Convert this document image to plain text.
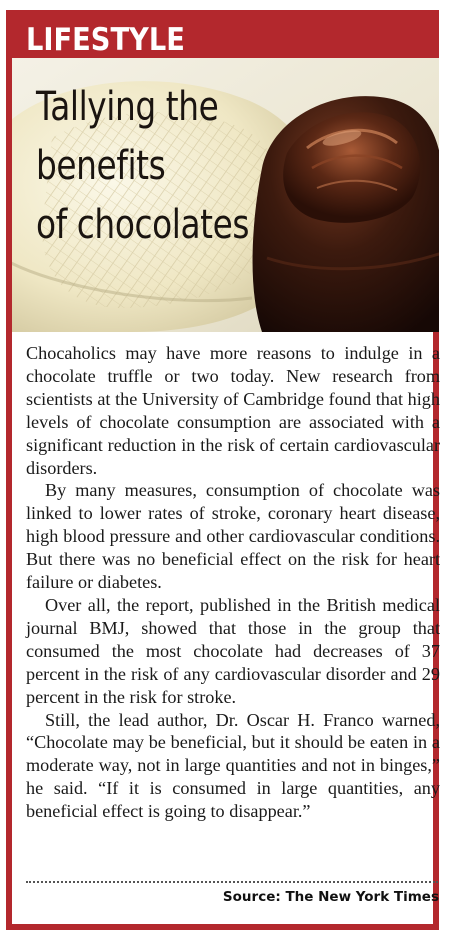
LIFESTYLE
Tallying the
benefits
of chocolates

Chocaholics may have more reasons to indulge in a chocolate truffle or two today. New research from scientists at the University of Cambridge found that high levels of chocolate consumption are associated with a significant reduction in the risk of certain cardiovascular disorders.

By many measures, consumption of chocolate was linked to lower rates of stroke, coronary heart disease, high blood pressure and other cardiovascular conditions. But there was no beneficial effect on the risk for heart failure or diabetes.

Over all, the report, published in the British medical journal BMJ, showed that those in the group that consumed the most chocolate had decreases of 37 percent in the risk of any cardiovascular disorder and 29 percent in the risk for stroke.

Still, the lead author, Dr. Oscar H. Franco warned, “Chocolate may be beneficial, but it should be eaten in a moderate way, not in large quantities and not in binges,” he said. “If it is consumed in large quantities, any beneficial effect is going to disappear.”

Source: The New York Times
